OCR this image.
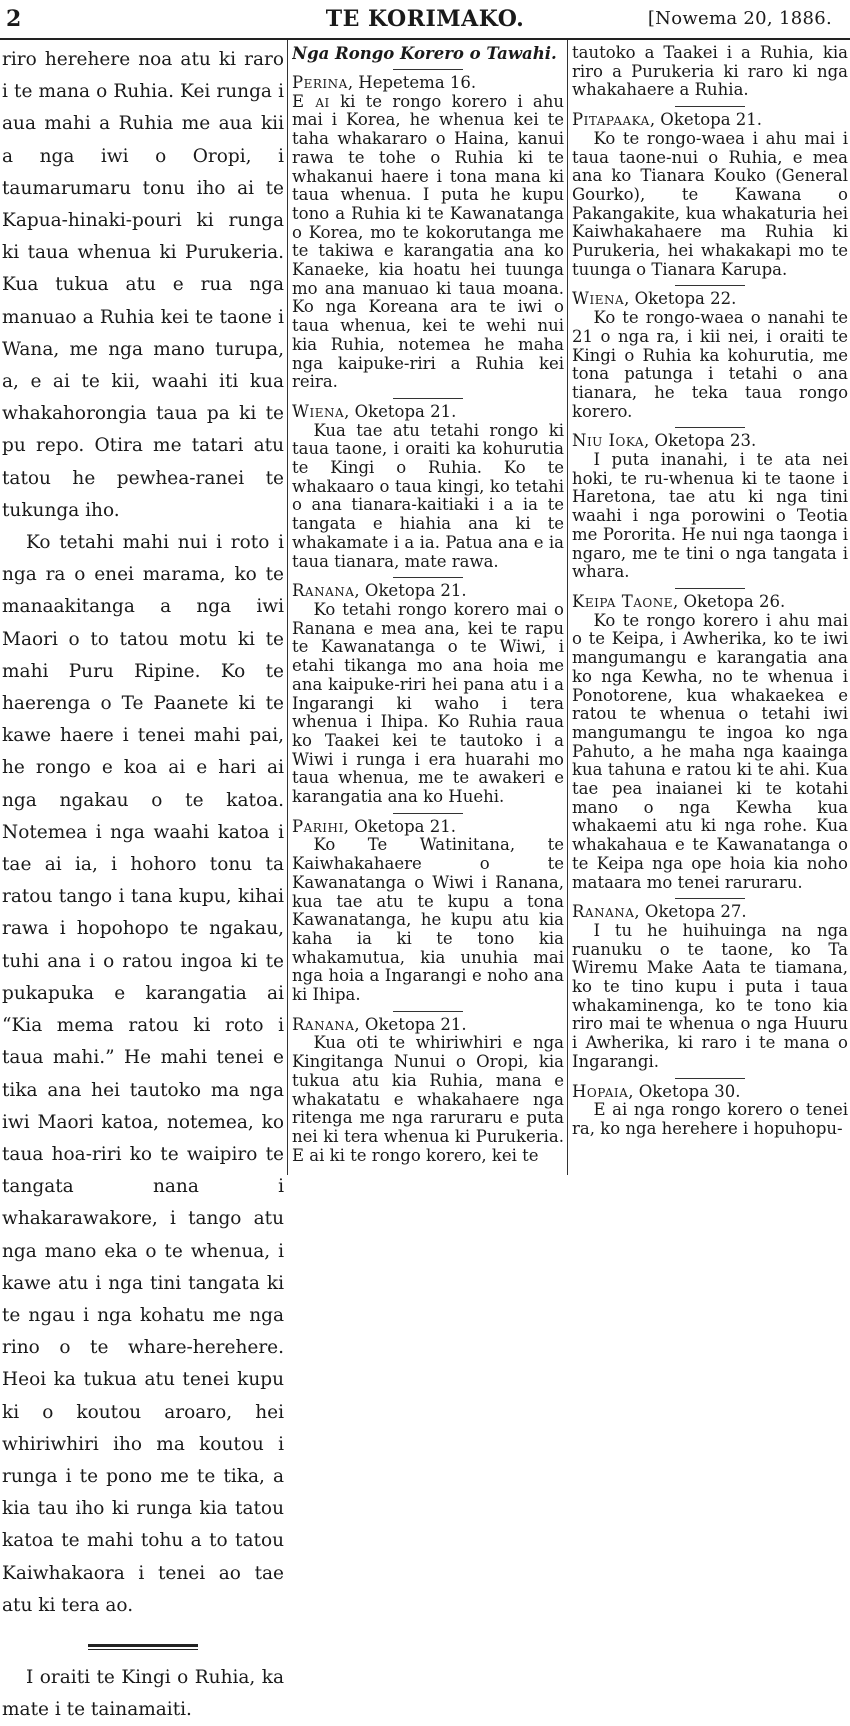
2	TE KORIMAKO.	[Nowema 20, 1886.

riro herehere noa atu ki raro i te mana o Ruhia. Kei runga i aua mahi a Ruhia me aua kii a nga iwi o Oropi, i taumarumaru tonu iho ai te Kapua-hinaki-pouri ki runga ki taua whenua ki Purukeria. Kua tukua atu e rua nga manuao a Ruhia kei te taone i Wana, me nga mano turupa, a, e ai te kii, waahi iti kua whakahorongia taua pa ki te pu repo. Otira me tatari atu tatou he pewhea-ranei te tukunga iho.

Ko tetahi mahi nui i roto i nga ra o enei marama, ko te manaakitanga a nga iwi Maori o to tatou motu ki te mahi Puru Ripine. Ko te haerenga o Te Paanete ki te kawe haere i tenei mahi pai, he rongo e koa ai e hari ai nga ngakau o te katoa. Notemea i nga waahi katoa i tae ai ia, i hohoro tonu ta ratou tango i tana kupu, kihai rawa i hopohopo te ngakau, tuhi ana i o ratou ingoa ki te pukapuka e karangatia ai “Kia mema ratou ki roto i taua mahi.” He mahi tenei e tika ana hei tautoko ma nga iwi Maori katoa, notemea, ko taua hoa-riri ko te waipiro te tangata nana i whakarawakore, i tango atu nga mano eka o te whenua, i kawe atu i nga tini tangata ki te ngau i nga kohatu me nga rino o te whare-herehere. Heoi ka tukua atu tenei kupu ki o koutou aroaro, hei whiriwhiri iho ma koutou i runga i te pono me te tika, a kia tau iho ki runga kia tatou katoa te mahi tohu a to tatou Kaiwhakaora i tenei ao tae atu ki tera ao.

I oraiti te Kingi o Ruhia, ka mate i te tainamaiti.

Nga Rongo Korero o Tawahi.

Perina, Hepetema 16.

E ai ki te rongo korero i ahu mai i Korea, he whenua kei te taha whakararo o Haina, kanui rawa te tohe o Ruhia ki te whakanui haere i tona mana ki taua whenua. I puta he kupu tono a Ruhia ki te Kawanatanga o Korea, mo te kokorutanga me te takiwa e karangatia ana ko Kanaeke, kia hoatu hei tuunga mo ana manuao ki taua moana. Ko nga Koreana ara te iwi o taua whenua, kei te wehi nui kia Ruhia, notemea he maha nga kaipuke-riri a Ruhia kei reira.

Wiena, Oketopa 21.

Kua tae atu tetahi rongo ki taua taone, i oraiti ka kohurutia te Kingi o Ruhia. Ko te whakaaro o taua kingi, ko tetahi o ana tianara-kaitiaki i a ia te tangata e hiahia ana ki te whakamate i a ia. Patua ana e ia taua tianara, mate rawa.

Ranana, Oketopa 21.

Ko tetahi rongo korero mai o Ranana e mea ana, kei te rapu te Kawanatanga o te Wiwi, i etahi tikanga mo ana hoia me ana kaipuke-riri hei pana atu i a Ingarangi ki waho i tera whenua i Ihipa. Ko Ruhia raua ko Taakei kei te tautoko i a Wiwi i runga i era huarahi mo taua whenua, me te awakeri e karangatia ana ko Huehi.

Parihi, Oketopa 21.

Ko Te Watinitana, te Kaiwhakahaere o te Kawanatanga o Wiwi i Ranana, kua tae atu te kupu a tona Kawanatanga, he kupu atu kia kaha ia ki te tono kia whakamutua, kia unuhia mai nga hoia a Ingarangi e noho ana ki Ihipa.

Ranana, Oketopa 21.

Kua oti te whiriwhiri e nga Kingitanga Nunui o Oropi, kia tukua atu kia Ruhia, mana e whakatatu e whakahaere nga ritenga me nga raruraru e puta nei ki tera whenua ki Purukeria. E ai ki te rongo korero, kei te

tautoko a Taakei i a Ruhia, kia riro a Purukeria ki raro ki nga whakahaere a Ruhia.

Pitapaaka, Oketopa 21.

Ko te rongo-waea i ahu mai i taua taone-nui o Ruhia, e mea ana ko Tianara Kouko (General Gourko), te Kawana o Pakangakite, kua whakaturia hei Kaiwhakahaere ma Ruhia ki Purukeria, hei whakakapi mo te tuunga o Tianara Karupa.

Wiena, Oketopa 22.

Ko te rongo-waea o nanahi te 21 o nga ra, i kii nei, i oraiti te Kingi o Ruhia ka kohurutia, me tona patunga i tetahi o ana tianara, he teka taua rongo korero.

Niu Ioka, Oketopa 23.

I puta inanahi, i te ata nei hoki, te ru-whenua ki te taone i Haretona, tae atu ki nga tini waahi i nga porowini o Teotia me Pororita. He nui nga taonga i ngaro, me te tini o nga tangata i whara.

Keipa Taone, Oketopa 26.

Ko te rongo korero i ahu mai o te Keipa, i Awherika, ko te iwi mangumangu e karangatia ana ko nga Kewha, no te whenua i Ponotorene, kua whakaekea e ratou te whenua o tetahi iwi mangumangu te ingoa ko nga Pahuto, a he maha nga kaainga kua tahuna e ratou ki te ahi. Kua tae pea inaianei ki te kotahi mano o nga Kewha kua whakaemi atu ki nga rohe. Kua whakahaua e te Kawanatanga o te Keipa nga ope hoia kia noho mataara mo tenei raruraru.

Ranana, Oketopa 27.

I tu he huihuinga na nga ruanuku o te taone, ko Ta Wiremu Make Aata te tiamana, ko te tino kupu i puta i taua whakaminenga, ko te tono kia riro mai te whenua o nga Huuru i Awherika, ki raro i te mana o Ingarangi.

Hopaia, Oketopa 30.

E ai nga rongo korero o tenei ra, ko nga herehere i hopuhopu-
